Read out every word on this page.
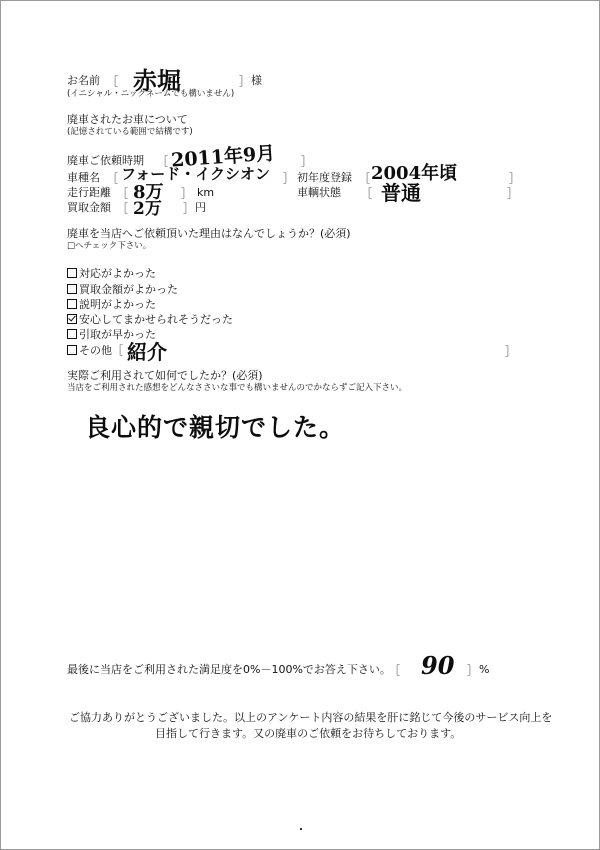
お名前 ［ 赤堀	］ 様
(イニシャル・ニックネームでも構いません)
廃車されたお車について
(記憶されている範囲で結構です)
廃車ご依頼時期 ［ 2011年9月 ］
車種名 ［ フォード・イクシオン ］ 初年度登録 ［ 2004年頃	］
走行距離 ［ 8万 ］ km	車輌状態 ［ 普通	］
買取金額 ［ 2万 ］ 円
廃車を当店へご依頼頂いた理由はなんでしょうか？(必須)
□へチェック下さい。
対応がよかった
買取金額がよかった
説明がよかった
安心してまかせられそうだった
引取が早かった
その他［ 紹介	］
実際ご利用されて如何でしたか？(必須)
当店をご利用された感想をどんなささいな事でも構いませんのでかならずご記入下さい。
良心的で親切でした。
最後に当店をご利用された満足度を0%－100%でお答え下さい。
［ 90 ］ %
ご協力ありがとうございました。以上のアンケート内容の結果を肝に銘じて今後のサービス向上を
目指して行きます。又の廃車のご依頼をお待ちしております。
